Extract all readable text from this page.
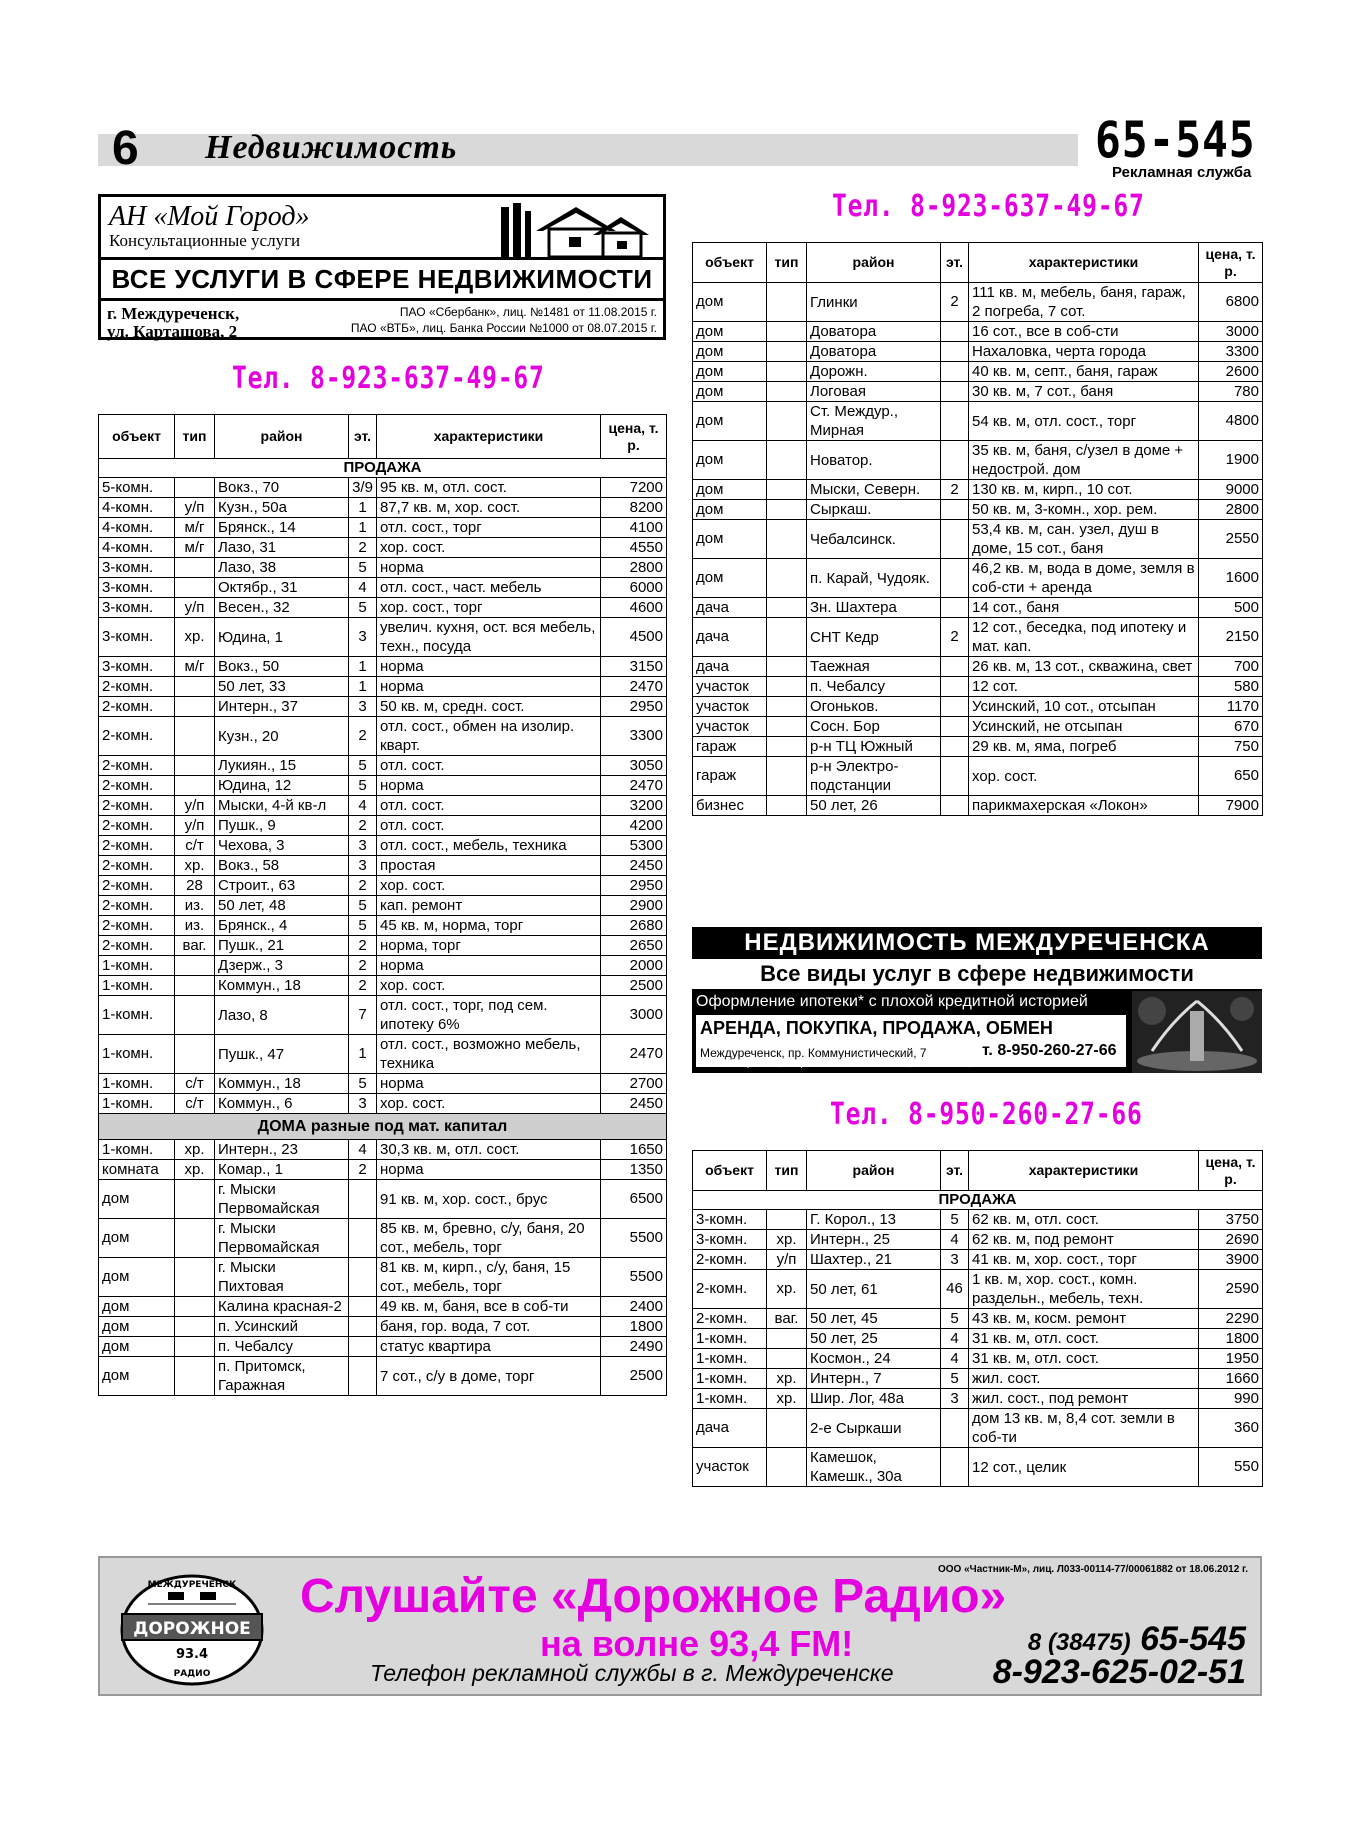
6 Недвижимость	65-545
Рекламная служба
АН «Мой Город»
Консультационные услуги
ВСЕ УСЛУГИ В СФЕРЕ НЕДВИЖИМОСТИ
г. Междуреченск,
ул. Карташова, 2
ПАО «Сбербанк», лиц. №1481 от 11.08.2015 г.
ПАО «ВТБ», лиц. Банка России №1000 от 08.07.2015 г.
Тел. 8-923-637-49-67
Тел. 8-923-637-49-67
Тел. 8-950-260-27-66
объект	тип	район	эт.	характеристики	цена, т. р.
ПРОДАЖА					
5-комн.		Вокз., 70	3/9	95 кв. м, отл. сост.	7200
4-комн.	у/п	Кузн., 50а	1	87,7 кв. м, хор. сост.	8200
4-комн.	м/г	Брянск., 14	1	отл. сост., торг	4100
4-комн.	м/г	Лазо, 31	2	хор. сост.	4550
3-комн.		Лазо, 38	5	норма	2800
3-комн.		Октябр., 31	4	отл. сост., част. мебель	6000
3-комн.	у/п	Весен., 32	5	хор. сост., торг	4600
3-комн.	хр.	Юдина, 1	3	увелич. кухня, ост. вся мебель, техн., посуда	4500
3-комн.	м/г	Вокз., 50	1	норма	3150
2-комн.		50 лет, 33	1	норма	2470
2-комн.		Интерн., 37	3	50 кв. м, средн. сост.	2950
2-комн.		Кузн., 20	2	отл. сост., обмен на изолир. кварт.	3300
2-комн.		Лукиян., 15	5	отл. сост.	3050
2-комн.		Юдина, 12	5	норма	2470
2-комн.	у/п	Мыски, 4-й кв-л	4	отл. сост.	3200
2-комн.	у/п	Пушк., 9	2	отл. сост.	4200
2-комн.	с/т	Чехова, 3	3	отл. сост., мебель, техника	5300
2-комн.	хр.	Вокз., 58	3	простая	2450
2-комн.	28	Строит., 63	2	хор. сост.	2950
2-комн.	из.	50 лет, 48	5	кап. ремонт	2900
2-комн.	из.	Брянск., 4	5	45 кв. м, норма, торг	2680
2-комн.	ваг.	Пушк., 21	2	норма, торг	2650
1-комн.		Дзерж., 3	2	норма	2000
1-комн.		Коммун., 18	2	хор. сост.	2500
1-комн.		Лазо, 8	7	отл. сост., торг, под сем. ипотеку 6%	3000
1-комн.		Пушк., 47	1	отл. сост., возможно мебель, техника	2470
1-комн.	с/т	Коммун., 18	5	норма	2700
1-комн.	с/т	Коммун., 6	3	хор. сост.	2450
ДОМА разные под мат. капитал					
1-комн.	хр.	Интерн., 23	4	30,3 кв. м, отл. сост.	1650
комната	хр.	Комар., 1	2	норма	1350
дом		г. Мыски Первомайская		91 кв. м, хор. сост., брус	6500
дом		г. Мыски Первомайская		85 кв. м, бревно, с/у, баня, 20 сот., мебель, торг	5500
дом		г. Мыски Пихтовая		81 кв. м, кирп., с/у, баня, 15 сот., мебель, торг	5500
дом		Калина красная-2		49 кв. м, баня, все в соб-ти	2400
дом		п. Усинский		баня, гор. вода, 7 сот.	1800
дом		п. Чебалсу		статус квартира	2490
дом		п. Притомск, Гаражная		7 сот., с/у в доме, торг	2500
объект	тип	район	эт.	характеристики	цена, т. р.
дом		Глинки	2	111 кв. м, мебель, баня, гараж, 2 погреба, 7 сот.	6800
дом		Доватора		16 сот., все в соб-сти	3000
дом		Доватора		Нахаловка, черта города	3300
дом		Дорожн.		40 кв. м, септ., баня, гараж	2600
дом		Логовая		30 кв. м, 7 сот., баня	780
дом		Ст. Междур., Мирная		54 кв. м, отл. сост., торг	4800
дом		Новатор.		35 кв. м, баня, с/узел в доме + недострой. дом	1900
дом		Мыски, Северн.	2	130 кв. м, кирп., 10 сот.	9000
дом		Сыркаш.		50 кв. м, 3-комн., хор. рем.	2800
дом		Чебалсинск.		53,4 кв. м, сан. узел, душ в доме, 15 сот., баня	2550
дом		п. Карай, Чудояк.		46,2 кв. м, вода в доме, земля в соб-сти + аренда	1600
дача		Зн. Шахтера		14 сот., баня	500
дача		СНТ Кедр	2	12 сот., беседка, под ипотеку и мат. кап.	2150
дача		Таежная		26 кв. м, 13 сот., скважина, свет	700
участок		п. Чебалсу		12 сот.	580
участок		Огоньков.		Усинский, 10 сот., отсыпан	1170
участок		Сосн. Бор		Усинский, не отсыпан	670
гараж		р-н ТЦ Южный		29 кв. м, яма, погреб	750
гараж		р-н Электро-подстанции		хор. сост.	650
бизнес		50 лет, 26		парикмахерская «Локон»	7900
НЕДВИЖИМОСТЬ МЕЖДУРЕЧЕНСКА
Все виды услуг в сфере недвижимости
Оформление ипотеки* с плохой кредитной историей
АРЕНДА, ПОКУПКА, ПРОДАЖА, ОБМЕН
Междуреченск, пр. Коммунистический, 7	т. 8-950-260-27-66
*ПАО «Сбербанк», лиц. №1481 от 11.08.15 г., ПАО «ВТБ», №1000 от 08.07.15 г.
объект	тип	район	эт.	характеристики	цена, т. р.
ПРОДАЖА					
3-комн.		Г. Корол., 13	5	62 кв. м, отл. сост.	3750
3-комн.	хр.	Интерн., 25	4	62 кв. м, под ремонт	2690
2-комн.	у/п	Шахтер., 21	3	41 кв. м, хор. сост., торг	3900
2-комн.	хр.	50 лет, 61	46	1 кв. м, хор. сост., комн. раздельн., мебель, техн.	2590
2-комн.	ваг.	50 лет, 45	5	43 кв. м, косм. ремонт	2290
1-комн.		50 лет, 25	4	31 кв. м, отл. сост.	1800
1-комн.		Космон., 24	4	31 кв. м, отл. сост.	1950
1-комн.	хр.	Интерн., 7	5	жил. сост.	1660
1-комн.	хр.	Шир. Лог, 48а	3	жил. сост., под ремонт	990
дача		2-е Сыркаши		дом 13 кв. м, 8,4 сот. земли в соб-ти	360
участок		Камешок, Камешк., 30а		12 сот., целик	550
ООО «Частник-М», лиц. Л033-00114-77/00061882 от 18.06.2012 г.
МЕЖДУРЕЧЕНСК
ДОРОЖНОЕ
93.4
РАДИО
Слушайте «Дорожное Радио»
на волне 93,4 FM!	8 (38475) 65-545
Телефон рекламной службы в г. Междуреченске	8-923-625-02-51
